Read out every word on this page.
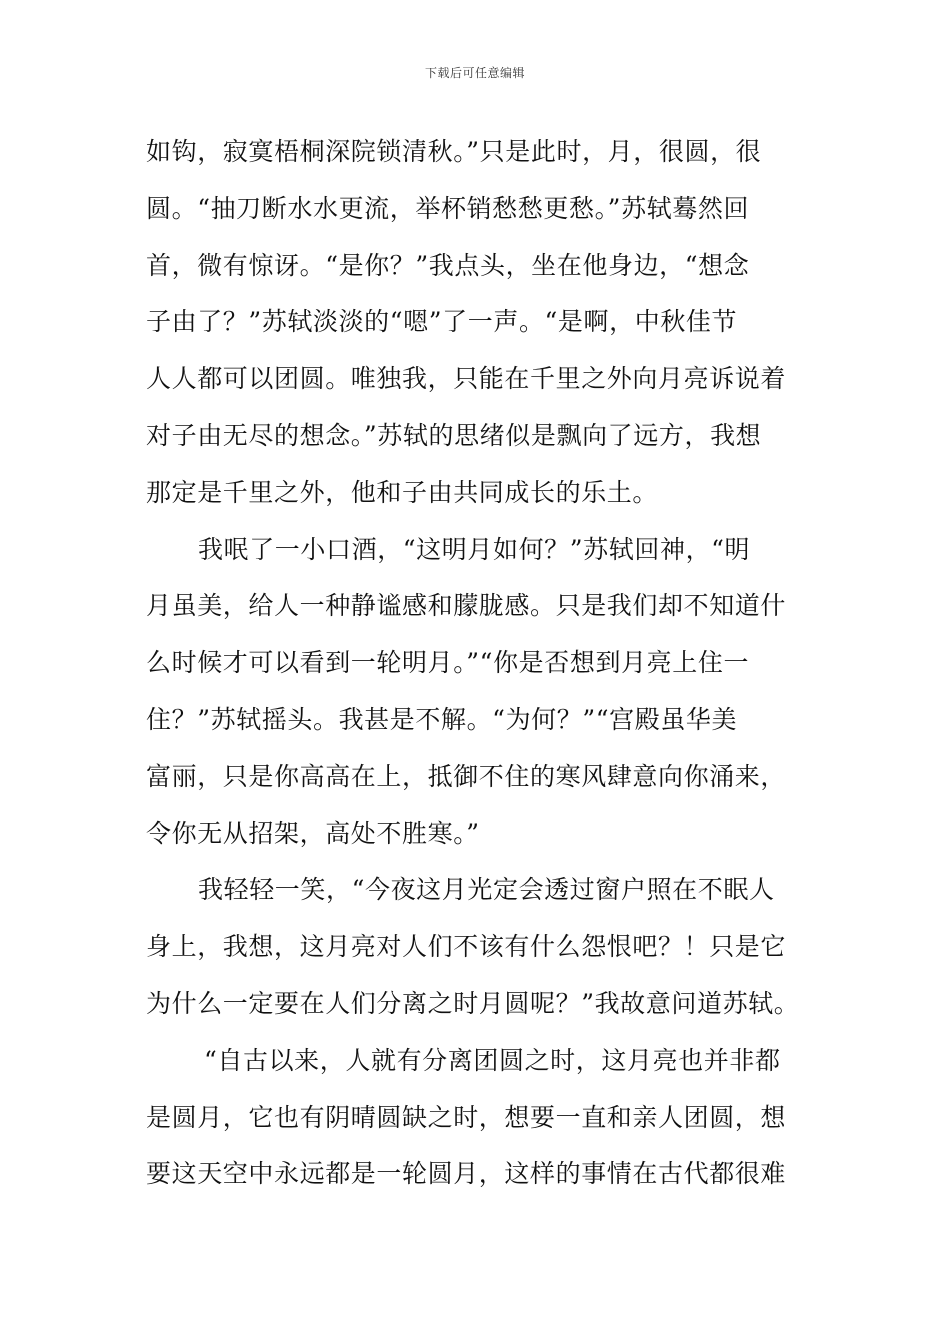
下载后可任意编辑
如钩，寂寞梧桐深院锁清秋。”只是此时，月，很圆，很
圆。“抽刀断水水更流，举杯销愁愁更愁。”苏轼蓦然回
首，微有惊讶。“是你？”我点头，坐在他身边，“想念
子由了？”苏轼淡淡的“嗯”了一声。“是啊，中秋佳节
人人都可以团圆。唯独我，只能在千里之外向月亮诉说着
对子由无尽的想念。”苏轼的思绪似是飘向了远方，我想
那定是千里之外，他和子由共同成长的乐土。
我呡了一小口酒，“这明月如何？”苏轼回神，“明
月虽美，给人一种静谧感和朦胧感。只是我们却不知道什
么时候才可以看到一轮明月。”“你是否想到月亮上住一
住？”苏轼摇头。我甚是不解。“为何？”“宫殿虽华美
富丽，只是你高高在上，抵御不住的寒风肆意向你涌来，
令你无从招架，高处不胜寒。”
我轻轻一笑，“今夜这月光定会透过窗户照在不眠人
身上，我想，这月亮对人们不该有什么怨恨吧？！只是它
为什么一定要在人们分离之时月圆呢？”我故意问道苏轼。
“自古以来，人就有分离团圆之时，这月亮也并非都
是圆月，它也有阴晴圆缺之时，想要一直和亲人团圆，想
要这天空中永远都是一轮圆月，这样的事情在古代都很难
